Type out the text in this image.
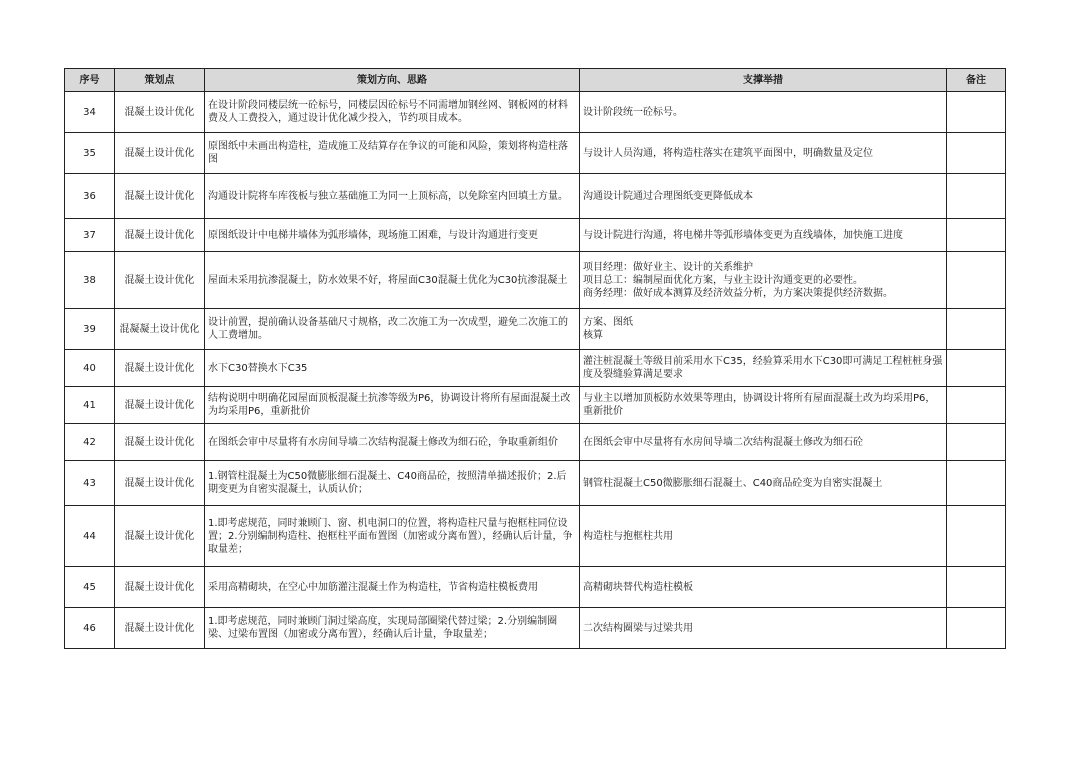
序号	策划点	策划方向、思路	支撑举措	备注
34	混凝土设计优化	在设计阶段同楼层统一砼标号，同楼层因砼标号不同需增加钢丝网、钢板网的材料费及人工费投入，通过设计优化减少投入，节约项目成本。	设计阶段统一砼标号。	
35	混凝土设计优化	原图纸中未画出构造柱，造成施工及结算存在争议的可能和风险，策划将构造柱落图	与设计人员沟通，将构造柱落实在建筑平面图中，明确数量及定位	
36	混凝土设计优化	沟通设计院将车库筏板与独立基础施工为同一上顶标高，以免除室内回填土方量。	沟通设计院通过合理图纸变更降低成本	
37	混凝土设计优化	原图纸设计中电梯井墙体为弧形墙体，现场施工困难，与设计沟通进行变更	与设计院进行沟通，将电梯井等弧形墙体变更为直线墙体，加快施工进度	
38	混凝土设计优化	屋面未采用抗渗混凝土，防水效果不好，将屋面C30混凝土优化为C30抗渗混凝土	项目经理：做好业主、设计的关系维护
项目总工：编制屋面优化方案，与业主设计沟通变更的必要性。
商务经理：做好成本测算及经济效益分析，为方案决策提供经济数据。	
39	混凝凝土设计优化	设计前置，提前确认设备基础尺寸规格，改二次施工为一次成型，避免二次施工的人工费增加。	方案、图纸
核算	
40	混凝土设计优化	水下C30替换水下C35	灌注桩混凝土等级目前采用水下C35，经验算采用水下C30即可满足工程桩桩身强度及裂缝验算满足要求	
41	混凝土设计优化	结构说明中明确花园屋面顶板混凝土抗渗等级为P6，协调设计将所有屋面混凝土改为均采用P6，重新批价	与业主以增加顶板防水效果等理由，协调设计将所有屋面混凝土改为均采用P6，重新批价	
42	混凝土设计优化	在图纸会审中尽量将有水房间导墙二次结构混凝土修改为细石砼，争取重新组价	在图纸会审中尽量将有水房间导墙二次结构混凝土修改为细石砼	
43	混凝土设计优化	1.钢管柱混凝土为C50微膨胀细石混凝土、C40商品砼，按照清单描述报价；2.后期变更为自密实混凝土，认质认价；	钢管柱混凝土C50微膨胀细石混凝土、C40商品砼变为自密实混凝土	
44	混凝土设计优化	1.即考虑规范，同时兼顾门、窗、机电洞口的位置，将构造柱尺量与抱框柱同位设置；2.分别编制构造柱、抱框柱平面布置图（加密或分离布置），经确认后计量，争取量差；	构造柱与抱框柱共用	
45	混凝土设计优化	采用高精砌块，在空心中加筋灌注混凝土作为构造柱，节省构造柱模板费用	高精砌块替代构造柱模板	
46	混凝土设计优化	1.即考虑规范，同时兼顾门洞过梁高度，实现局部圈梁代替过梁；2.分别编制圈梁、过梁布置图（加密或分离布置），经确认后计量，争取量差；	二次结构圈梁与过梁共用	
